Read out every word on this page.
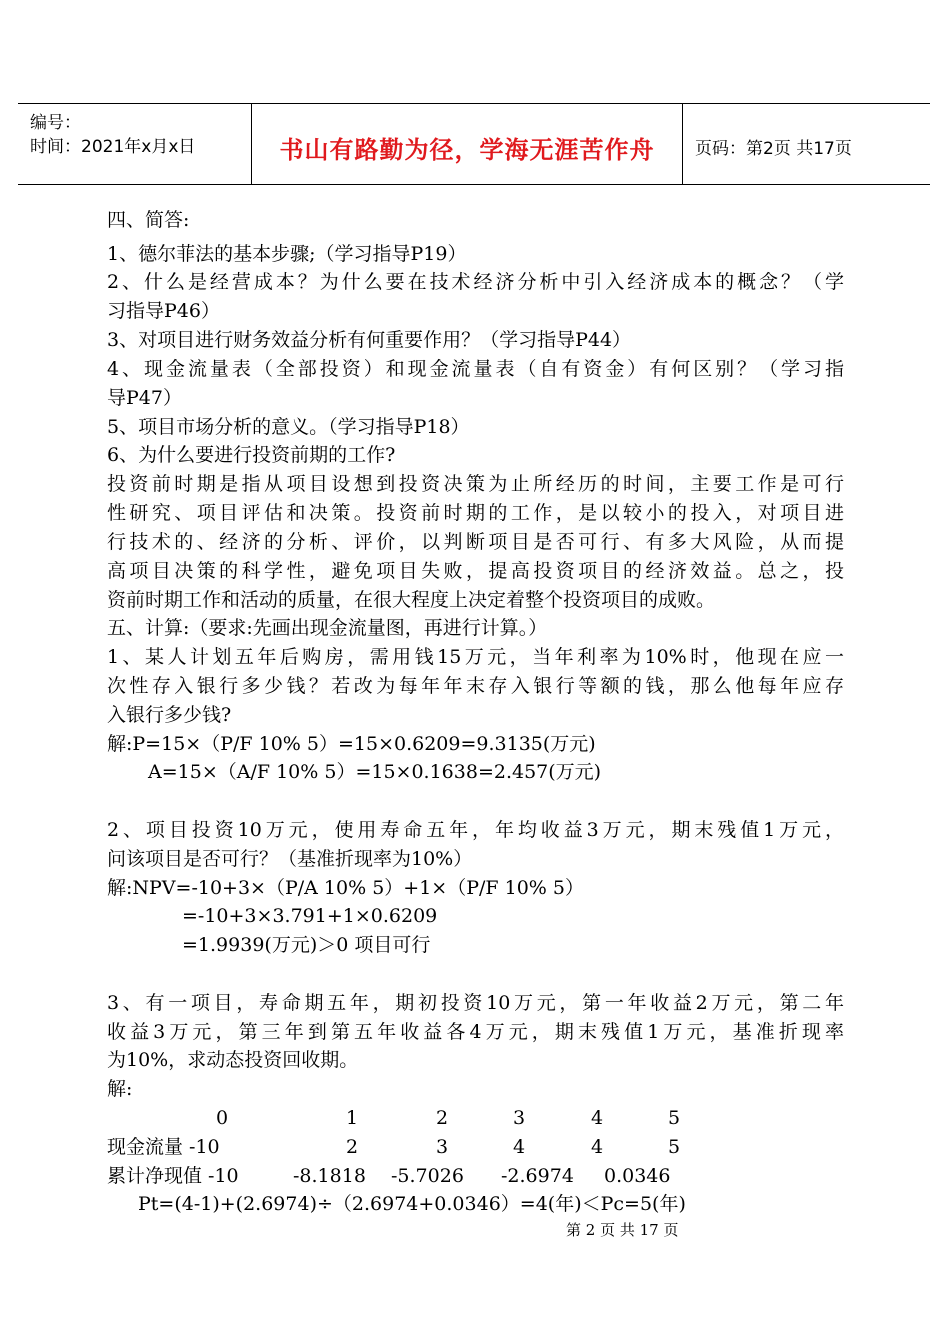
编号：
时间：2021年x月x日	书山有路勤为径，学海无涯苦作舟	页码：第2页 共17页
四、简答:
1、德尔菲法的基本步骤;（学习指导P19）
2、什么是经营成本？为什么要在技术经济分析中引入经济成本的概念？（学
习指导P46）
3、对项目进行财务效益分析有何重要作用？（学习指导P44）
4、现金流量表（全部投资）和现金流量表（自有资金）有何区别？（学习指
导P47）
5、项目市场分析的意义。（学习指导P18）
6、为什么要进行投资前期的工作?
投资前时期是指从项目设想到投资决策为止所经历的时间，主要工作是可行
性研究、项目评估和决策。投资前时期的工作，是以较小的投入，对项目进
行技术的、经济的分析、评价，以判断项目是否可行、有多大风险，从而提
高项目决策的科学性，避免项目失败，提高投资项目的经济效益。总之，投
资前时期工作和活动的质量，在很大程度上决定着整个投资项目的成败。
五、计算:（要求:先画出现金流量图，再进行计算。）
1、某人计划五年后购房，需用钱15万元，当年利率为10%时，他现在应一
次性存入银行多少钱？若改为每年年末存入银行等额的钱，那么他每年应存
入银行多少钱?
解:P=15×（P/F 10% 5）=15×0.6209=9.3135(万元)
A=15×（A/F 10% 5）=15×0.1638=2.457(万元)
2、项目投资10万元，使用寿命五年，年均收益3万元，期末残值1万元，
问该项目是否可行？（基准折现率为10%）
解:NPV=-10+3×（P/A 10% 5）+1×（P/F 10% 5）
=-10+3×3.791+1×0.6209
=1.9939(万元)＞0 项目可行
3、有一项目，寿命期五年，期初投资10万元，第一年收益2万元，第二年
收益3万元，第三年到第五年收益各4万元，期末残值1万元，基准折现率
为10%，求动态投资回收期。
解:
0	1	2	3	4	5
现金流量 -10	2	3	4	4	5
累计净现值 -10	-8.1818 -5.7026 -2.6974 0.0346
Pt=(4-1)+(2.6974)÷（2.6974+0.0346）=4(年)＜Pc=5(年)
第 2 页 共 17 页
